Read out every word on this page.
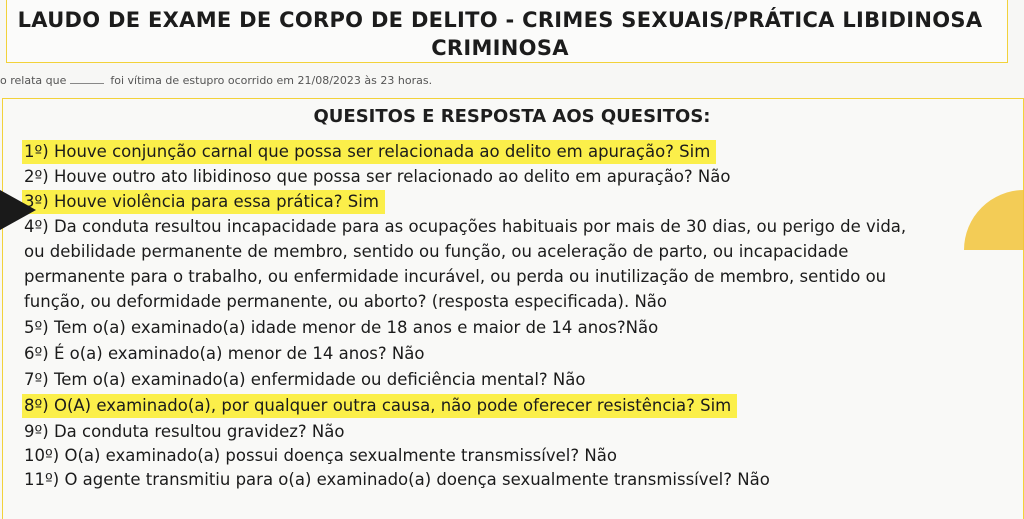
LAUDO DE EXAME DE CORPO DE DELITO - CRIMES SEXUAIS/PRÁTICA LIBIDINOSA
CRIMINOSA
o relata que	foi vítima de estupro ocorrido em 21/08/2023 às 23 horas.
QUESITOS E RESPOSTA AOS QUESITOS:
1º) Houve conjunção carnal que possa ser relacionada ao delito em apuração? Sim
2º) Houve outro ato libidinoso que possa ser relacionado ao delito em apuração? Não
3º) Houve violência para essa prática? Sim
4º) Da conduta resultou incapacidade para as ocupações habituais por mais de 30 dias, ou perigo de vida,
ou debilidade permanente de membro, sentido ou função, ou aceleração de parto, ou incapacidade
permanente para o trabalho, ou enfermidade incurável, ou perda ou inutilização de membro, sentido ou
função, ou deformidade permanente, ou aborto? (resposta especificada). Não
5º) Tem o(a) examinado(a) idade menor de 18 anos e maior de 14 anos?Não
6º) É o(a) examinado(a) menor de 14 anos? Não
7º) Tem o(a) examinado(a) enfermidade ou deficiência mental? Não
8º) O(A) examinado(a), por qualquer outra causa, não pode oferecer resistência? Sim
9º) Da conduta resultou gravidez? Não
10º) O(a) examinado(a) possui doença sexualmente transmissível? Não
11º) O agente transmitiu para o(a) examinado(a) doença sexualmente transmissível? Não
